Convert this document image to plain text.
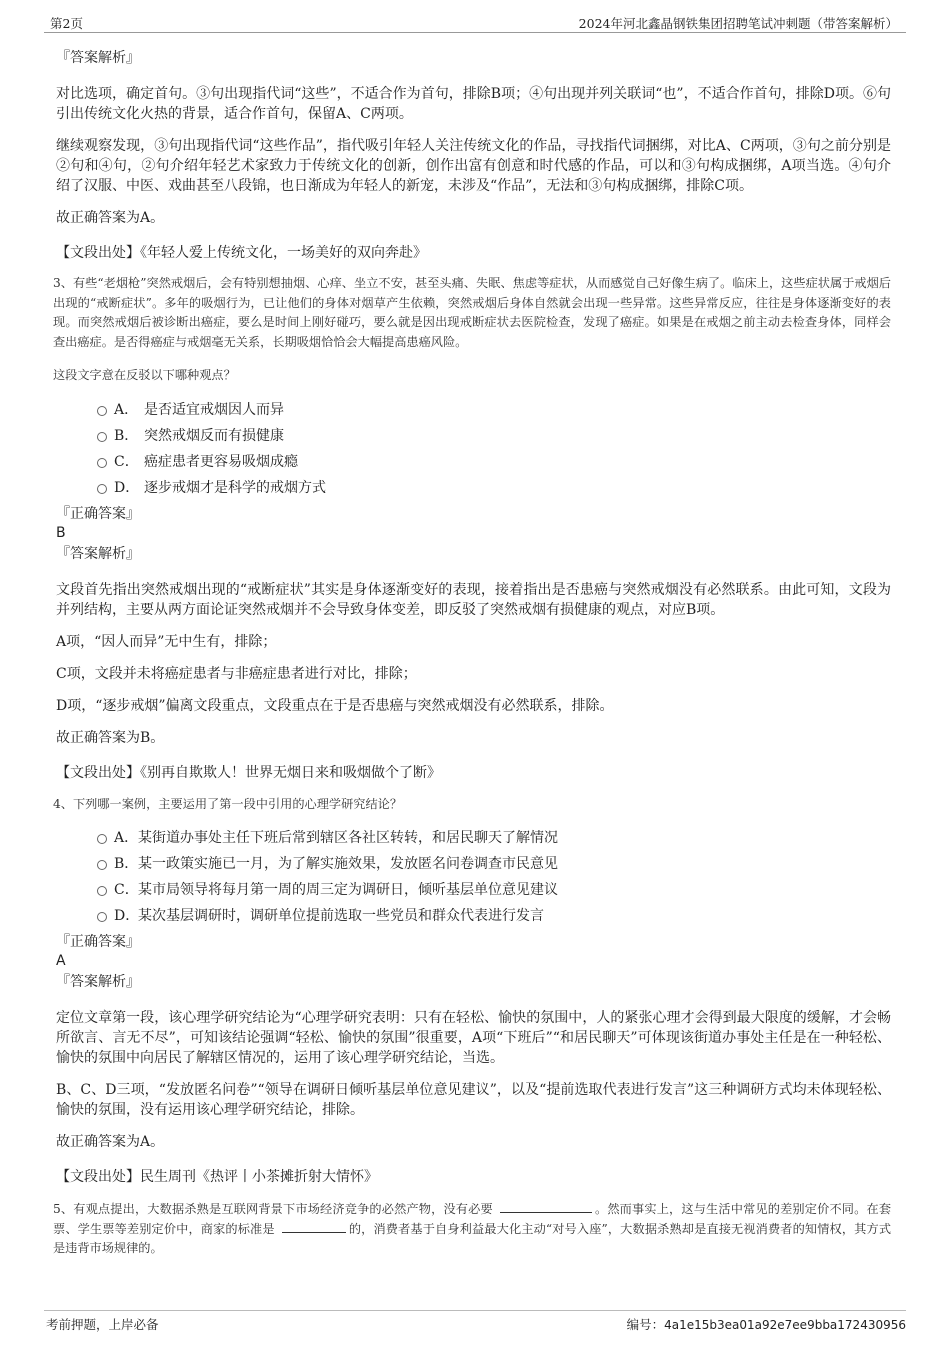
第2页	2024年河北鑫晶钢铁集团招聘笔试冲刺题（带答案解析）

『答案解析』

对比选项，确定首句。③句出现指代词“这些”，不适合作为首句，排除B项；④句出现并列关联词“也”，不适合作首句，排除D项。⑥句引出传统文化火热的背景，适合作首句，保留A、C两项。

继续观察发现，③句出现指代词“这些作品”，指代吸引年轻人关注传统文化的作品，寻找指代词捆绑，对比A、C两项，③句之前分别是②句和④句，②句介绍年轻艺术家致力于传统文化的创新，创作出富有创意和时代感的作品，可以和③句构成捆绑，A项当选。④句介绍了汉服、中医、戏曲甚至八段锦，也日渐成为年轻人的新宠，未涉及“作品”，无法和③句构成捆绑，排除C项。

故正确答案为A。

【文段出处】《年轻人爱上传统文化，一场美好的双向奔赴》

3、有些“老烟枪”突然戒烟后，会有特别想抽烟、心痒、坐立不安，甚至头痛、失眠、焦虑等症状，从而感觉自己好像生病了。临床上，这些症状属于戒烟后出现的“戒断症状”。多年的吸烟行为，已让他们的身体对烟草产生依赖，突然戒烟后身体自然就会出现一些异常。这些异常反应，往往是身体逐渐变好的表现。而突然戒烟后被诊断出癌症，要么是时间上刚好碰巧，要么就是因出现戒断症状去医院检查，发现了癌症。如果是在戒烟之前主动去检查身体，同样会查出癌症。是否得癌症与戒烟毫无关系，长期吸烟恰恰会大幅提高患癌风险。

这段文字意在反驳以下哪种观点？

A． 是否适宜戒烟因人而异

B． 突然戒烟反而有损健康

C． 癌症患者更容易吸烟成瘾

D． 逐步戒烟才是科学的戒烟方式

『正确答案』

B

『答案解析』

文段首先指出突然戒烟出现的“戒断症状”其实是身体逐渐变好的表现，接着指出是否患癌与突然戒烟没有必然联系。由此可知，文段为并列结构，主要从两方面论证突然戒烟并不会导致身体变差，即反驳了突然戒烟有损健康的观点，对应B项。

A项，“因人而异”无中生有，排除；

C项，文段并未将癌症患者与非癌症患者进行对比，排除；

D项，“逐步戒烟”偏离文段重点，文段重点在于是否患癌与突然戒烟没有必然联系，排除。

故正确答案为B。

【文段出处】《别再自欺欺人！世界无烟日来和吸烟做个了断》

4、下列哪一案例，主要运用了第一段中引用的心理学研究结论？

A．某街道办事处主任下班后常到辖区各社区转转，和居民聊天了解情况

B．某一政策实施已一月，为了解实施效果，发放匿名问卷调查市民意见

C．某市局领导将每月第一周的周三定为调研日，倾听基层单位意见建议

D．某次基层调研时，调研单位提前选取一些党员和群众代表进行发言

『正确答案』

A

『答案解析』

定位文章第一段，该心理学研究结论为“心理学研究表明：只有在轻松、愉快的氛围中，人的紧张心理才会得到最大限度的缓解，才会畅所欲言、言无不尽”，可知该结论强调“轻松、愉快的氛围”很重要，A项“下班后”“和居民聊天”可体现该街道办事处主任是在一种轻松、愉快的氛围中向居民了解辖区情况的，运用了该心理学研究结论，当选。

B、C、D三项，“发放匿名问卷”“领导在调研日倾听基层单位意见建议”，以及“提前选取代表进行发言”这三种调研方式均未体现轻松、愉快的氛围，没有运用该心理学研究结论，排除。

故正确答案为A。

【文段出处】民生周刊《热评丨小茶摊折射大情怀》

5、有观点提出，大数据杀熟是互联网背景下市场经济竞争的必然产物，没有必要	。然而事实上，这与生活中常见的差别定价不同。在套票、学生票等差别定价中，商家的标准是	的，消费者基于自身利益最大化主动“对号入座”，大数据杀熟却是直接无视消费者的知情权，其方式是违背市场规律的。

考前押题，上岸必备	编号：4a1e15b3ea01a92e7ee9bba172430956
